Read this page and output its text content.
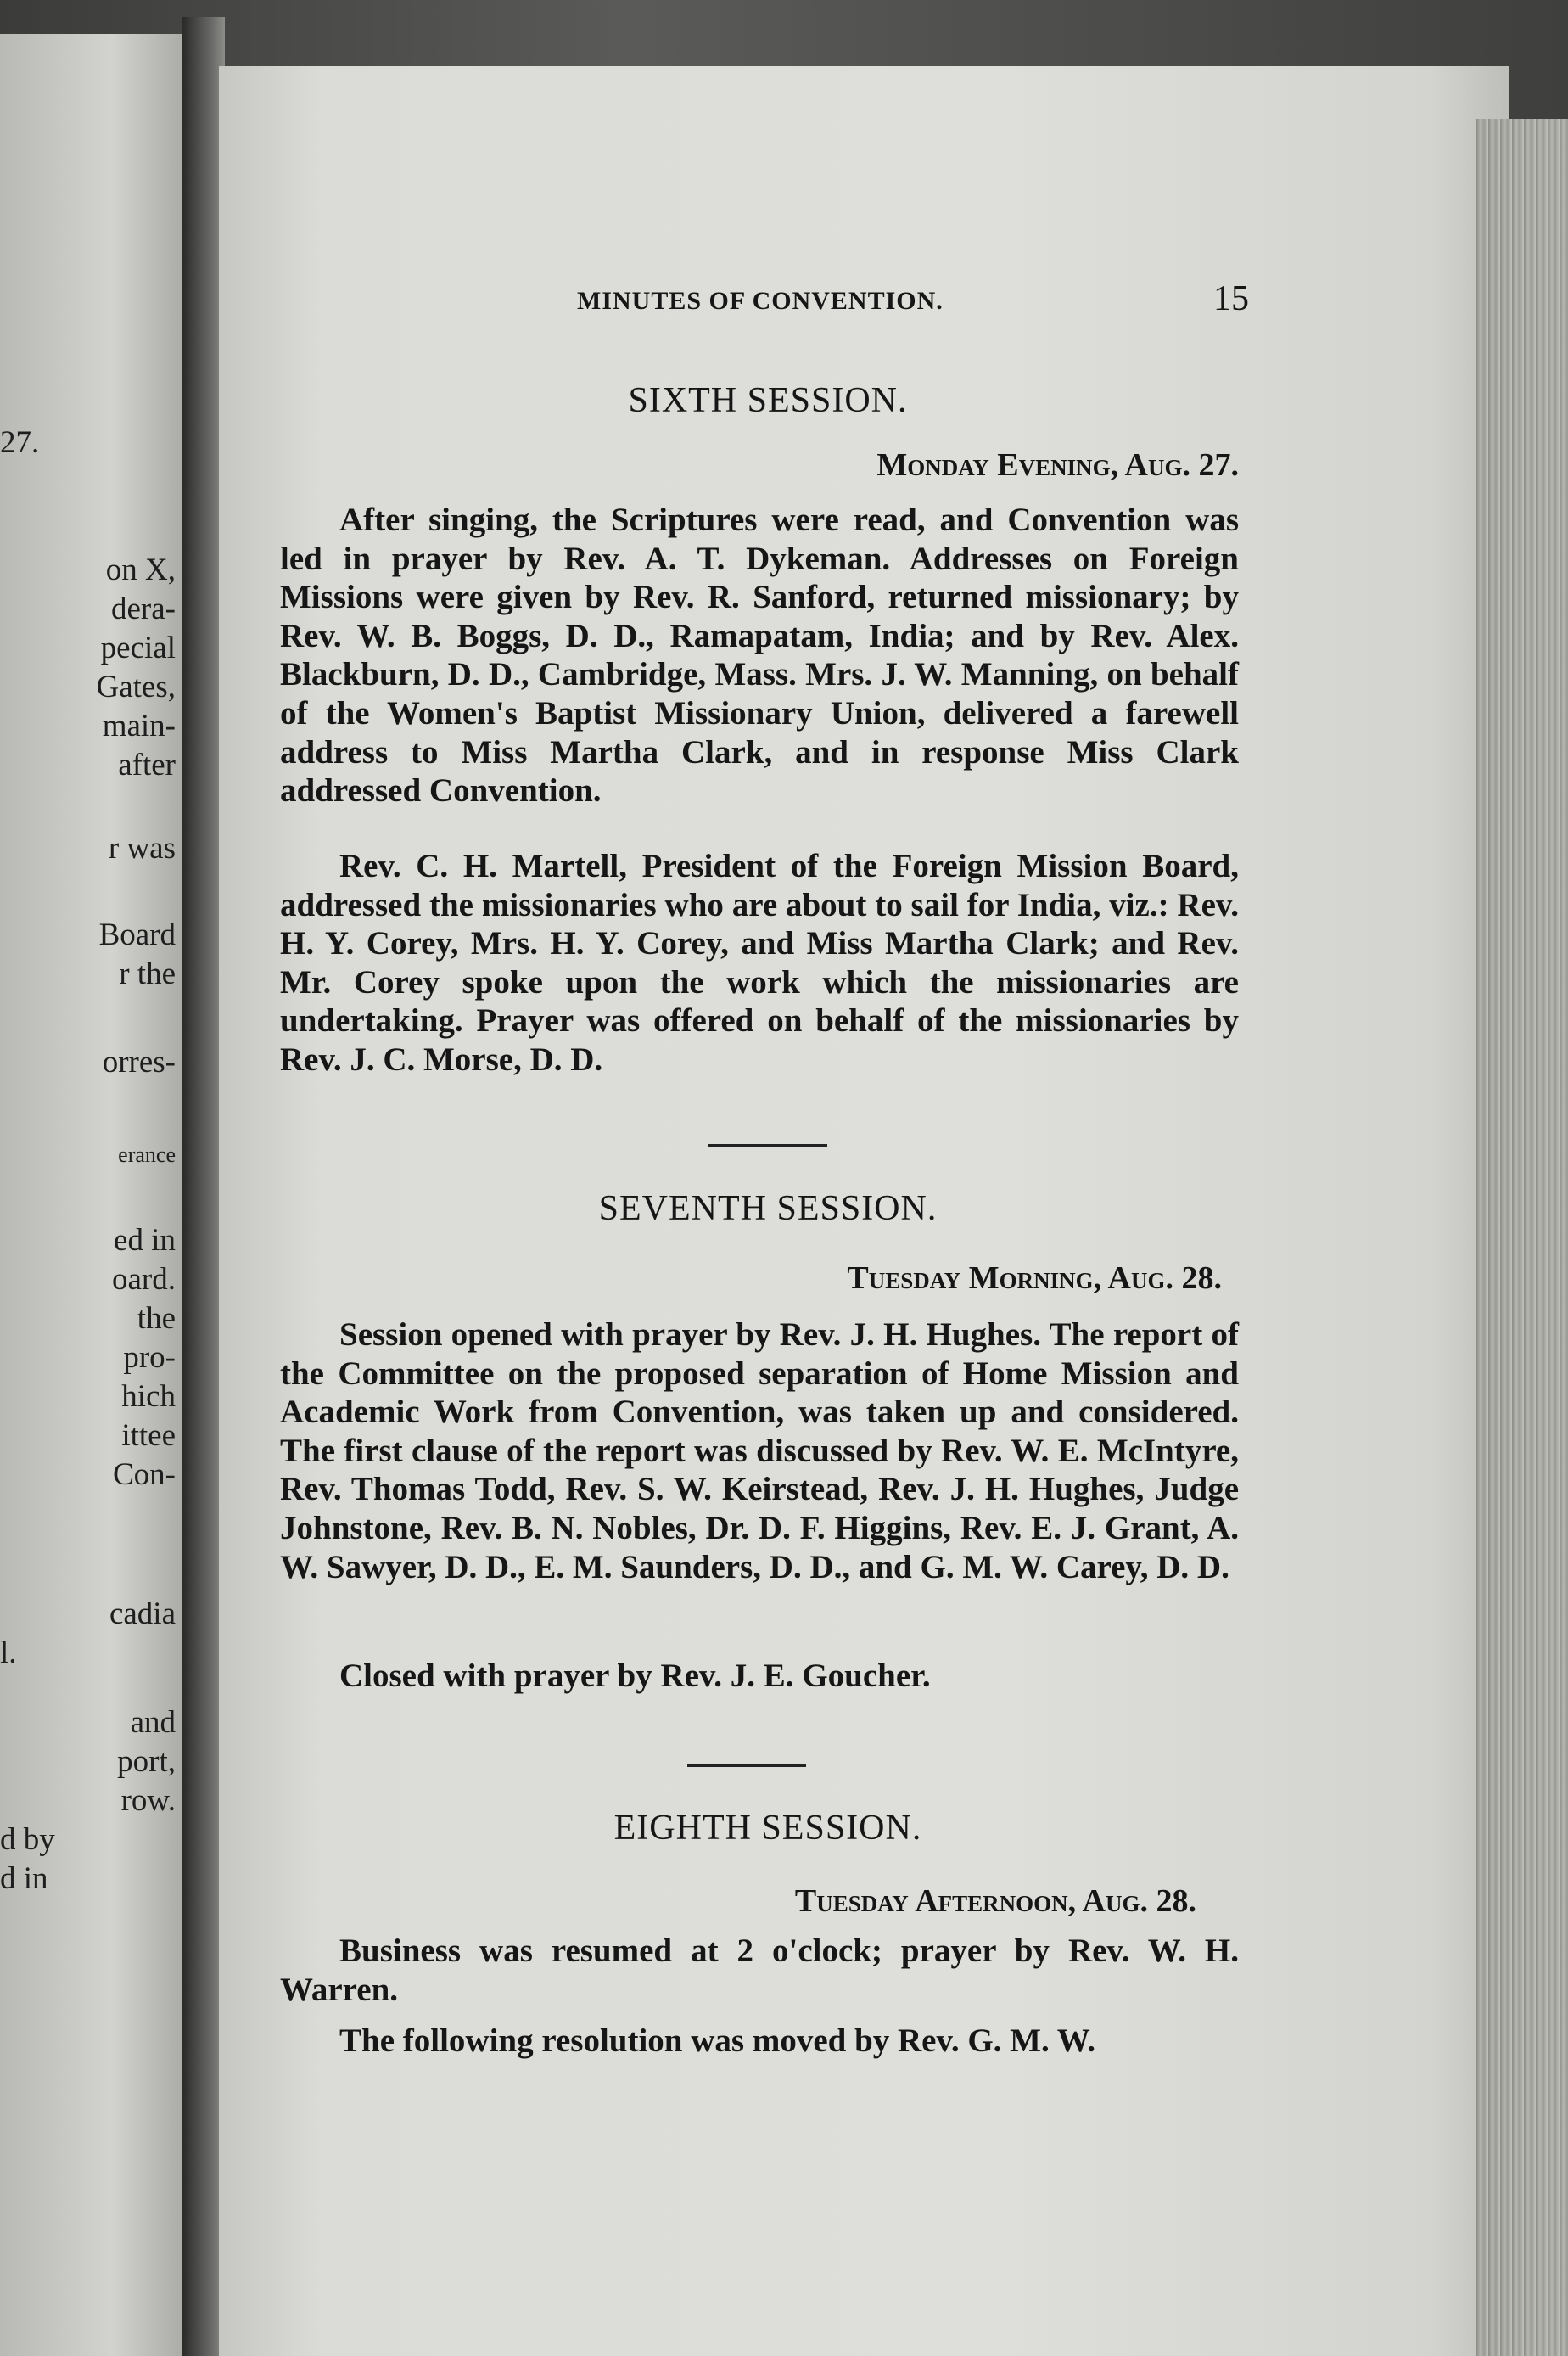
27.
on X,
dera-
pecial
Gates,
main-
after
r was
Board
r the
orres-
erance
ed in
oard.
the
pro-
hich
ittee
Con-
cadia
l.
and
port,
row.
d by
d in
MINUTES OF CONVENTION.	15
SIXTH SESSION.
Monday Evening, Aug. 27.
After singing, the Scriptures were read, and Convention was led in prayer by Rev. A. T. Dykeman. Addresses on Foreign Missions were given by Rev. R. Sanford, returned missionary; by Rev. W. B. Boggs, D. D., Ramapatam, India; and by Rev. Alex. Blackburn, D. D., Cambridge, Mass. Mrs. J. W. Manning, on behalf of the Women's Baptist Missionary Union, delivered a farewell address to Miss Martha Clark, and in response Miss Clark addressed Convention.
Rev. C. H. Martell, President of the Foreign Mission Board, addressed the missionaries who are about to sail for India, viz.: Rev. H. Y. Corey, Mrs. H. Y. Corey, and Miss Martha Clark; and Rev. Mr. Corey spoke upon the work which the missionaries are undertaking. Prayer was offered on behalf of the missionaries by Rev. J. C. Morse, D. D.
SEVENTH SESSION.
Tuesday Morning, Aug. 28.
Session opened with prayer by Rev. J. H. Hughes. The report of the Committee on the proposed separation of Home Mission and Academic Work from Convention, was taken up and considered. The first clause of the report was discussed by Rev. W. E. McIntyre, Rev. Thomas Todd, Rev. S. W. Keirstead, Rev. J. H. Hughes, Judge Johnstone, Rev. B. N. Nobles, Dr. D. F. Higgins, Rev. E. J. Grant, A. W. Sawyer, D. D., E. M. Saunders, D. D., and G. M. W. Carey, D. D.
Closed with prayer by Rev. J. E. Goucher.
EIGHTH SESSION.
Tuesday Afternoon, Aug. 28.
Business was resumed at 2 o'clock; prayer by Rev. W. H. Warren.
The following resolution was moved by Rev. G. M. W.
